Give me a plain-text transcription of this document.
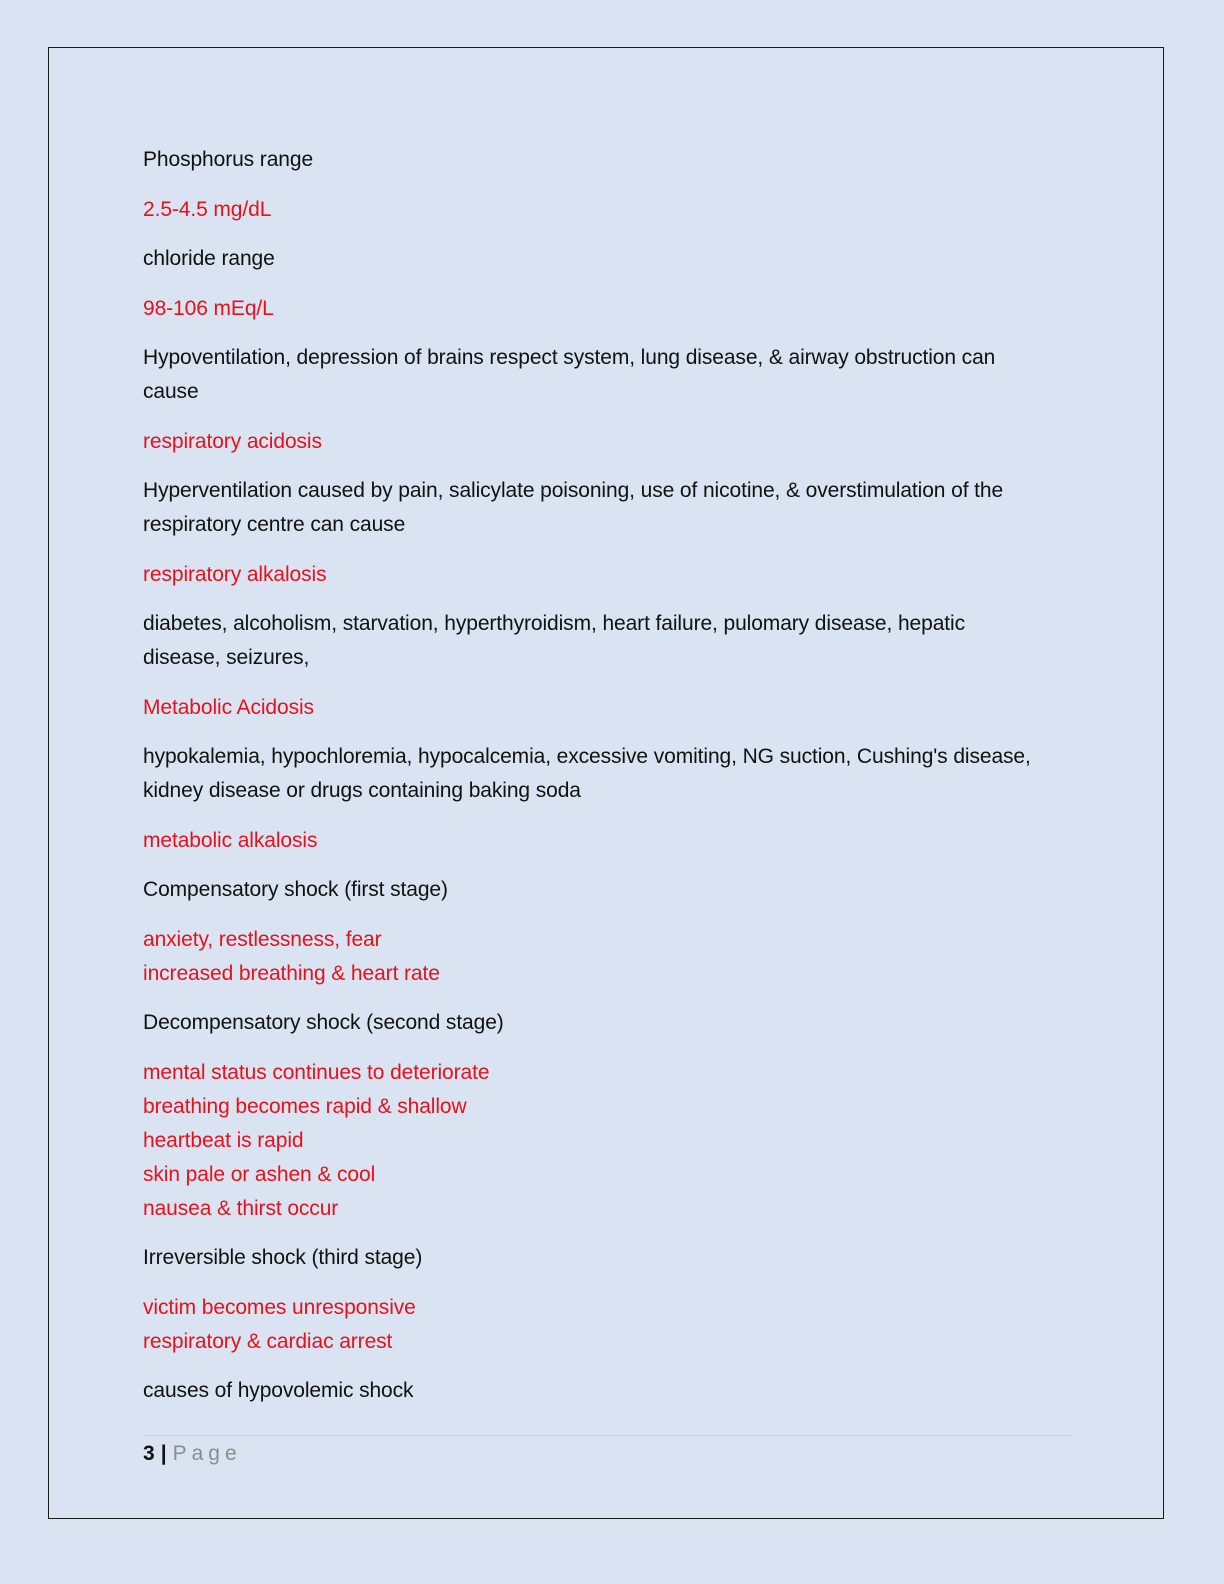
Phosphorus range

2.5-4.5 mg/dL

chloride range

98-106 mEq/L

Hypoventilation, depression of brains respect system, lung disease, & airway obstruction can

cause

respiratory acidosis

Hyperventilation caused by pain, salicylate poisoning, use of nicotine, & overstimulation of the

respiratory centre can cause

respiratory alkalosis

diabetes, alcoholism, starvation, hyperthyroidism, heart failure, pulomary disease, hepatic

disease, seizures,

Metabolic Acidosis

hypokalemia, hypochloremia, hypocalcemia, excessive vomiting, NG suction, Cushing's disease,

kidney disease or drugs containing baking soda

metabolic alkalosis

Compensatory shock (first stage)

anxiety, restlessness, fear

increased breathing & heart rate

Decompensatory shock (second stage)

mental status continues to deteriorate

breathing becomes rapid & shallow

heartbeat is rapid

skin pale or ashen & cool

nausea & thirst occur

Irreversible shock (third stage)

victim becomes unresponsive

respiratory & cardiac arrest

causes of hypovolemic shock

3 | Page
